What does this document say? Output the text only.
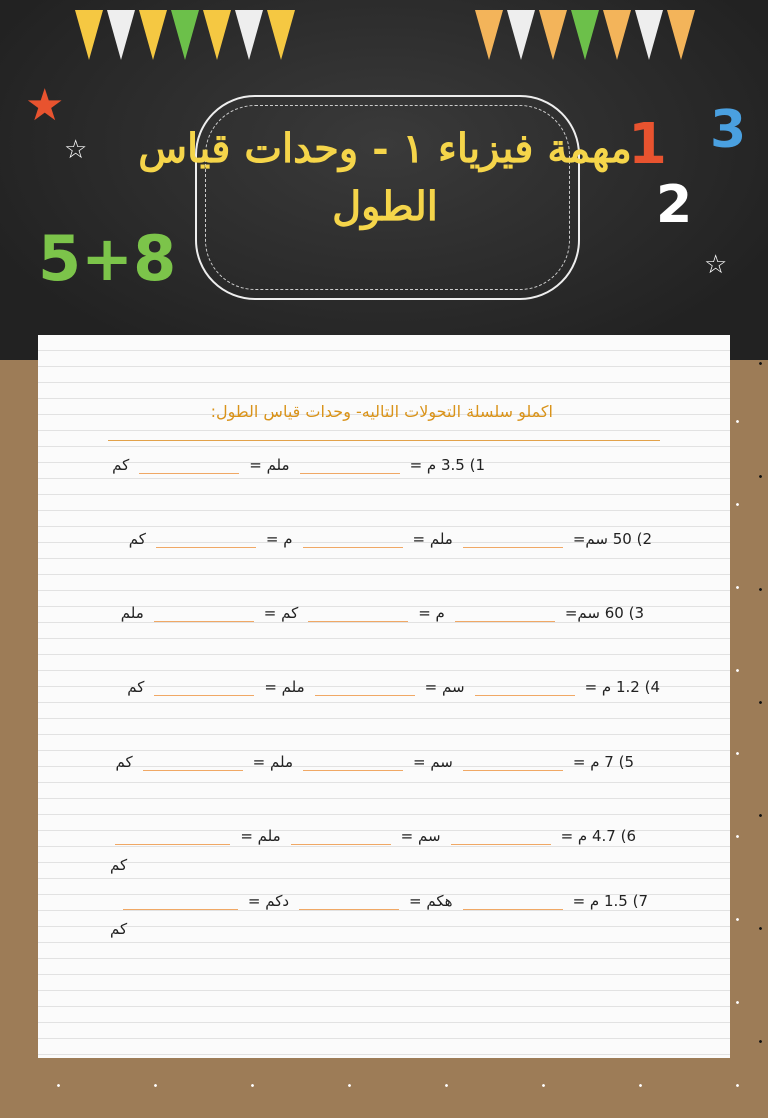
★
☆
☆
مهمة فيزياء ١ - وحدات قياس الطول
1 3
2
5+8
اكملو سلسلة التحولات التاليه- وحدات قياس الطول:
1) 3.5 م =
ملم =
كم
2) 50 سم=
ملم =
م =
كم
3) 60 سم=
م =
كم =
ملم
4) 1.2 م =
سم =
ملم =
كم
5) 7 م =
سم =
ملم =
كم
6) 4.7 م =
سم =
ملم =
كم
7) 1.5 م =
هكم =
دكم =
كم
